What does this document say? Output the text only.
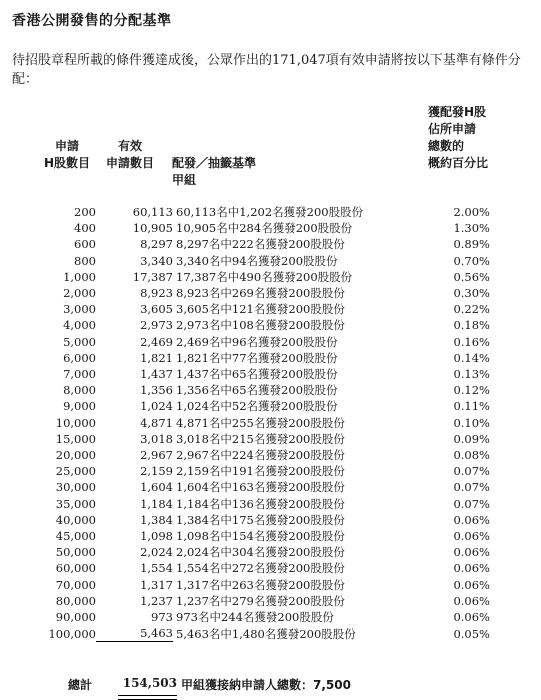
香港公開發售的分配基準
待招股章程所載的條件獲達成後，公眾作出的171,047項有效申請將按以下基準有條件分配：
申請
H股數目
有效
申請數目 配發／抽籤基準
甲組
獲配發H股
佔所申請
總數的
概約百分比
200	60,113	60,113名中1,202名獲發200股股份	2.00%
400	10,905	10,905名中284名獲發200股股份	1.30%
600	8,297	8,297名中222名獲發200股股份	0.89%
800	3,340	3,340名中94名獲發200股股份	0.70%
1,000	17,387	17,387名中490名獲發200股股份	0.56%
2,000	8,923	8,923名中269名獲發200股股份	0.30%
3,000	3,605	3,605名中121名獲發200股股份	0.22%
4,000	2,973	2,973名中108名獲發200股股份	0.18%
5,000	2,469	2,469名中96名獲發200股股份	0.16%
6,000	1,821	1,821名中77名獲發200股股份	0.14%
7,000	1,437	1,437名中65名獲發200股股份	0.13%
8,000	1,356	1,356名中65名獲發200股股份	0.12%
9,000	1,024	1,024名中52名獲發200股股份	0.11%
10,000	4,871	4,871名中255名獲發200股股份	0.10%
15,000	3,018	3,018名中215名獲發200股股份	0.09%
20,000	2,967	2,967名中224名獲發200股股份	0.08%
25,000	2,159	2,159名中191名獲發200股股份	0.07%
30,000	1,604	1,604名中163名獲發200股股份	0.07%
35,000	1,184	1,184名中136名獲發200股股份	0.07%
40,000	1,384	1,384名中175名獲發200股股份	0.06%
45,000	1,098	1,098名中154名獲發200股股份	0.06%
50,000	2,024	2,024名中304名獲發200股股份	0.06%
60,000	1,554	1,554名中272名獲發200股股份	0.06%
70,000	1,317	1,317名中263名獲發200股股份	0.06%
80,000	1,237	1,237名中279名獲發200股股份	0.06%
90,000	973	973名中244名獲發200股股份	0.06%
100,000	5,463	5,463名中1,480名獲發200股股份	0.05%
總計	154,503 甲組獲接納申請人總數：7,500
